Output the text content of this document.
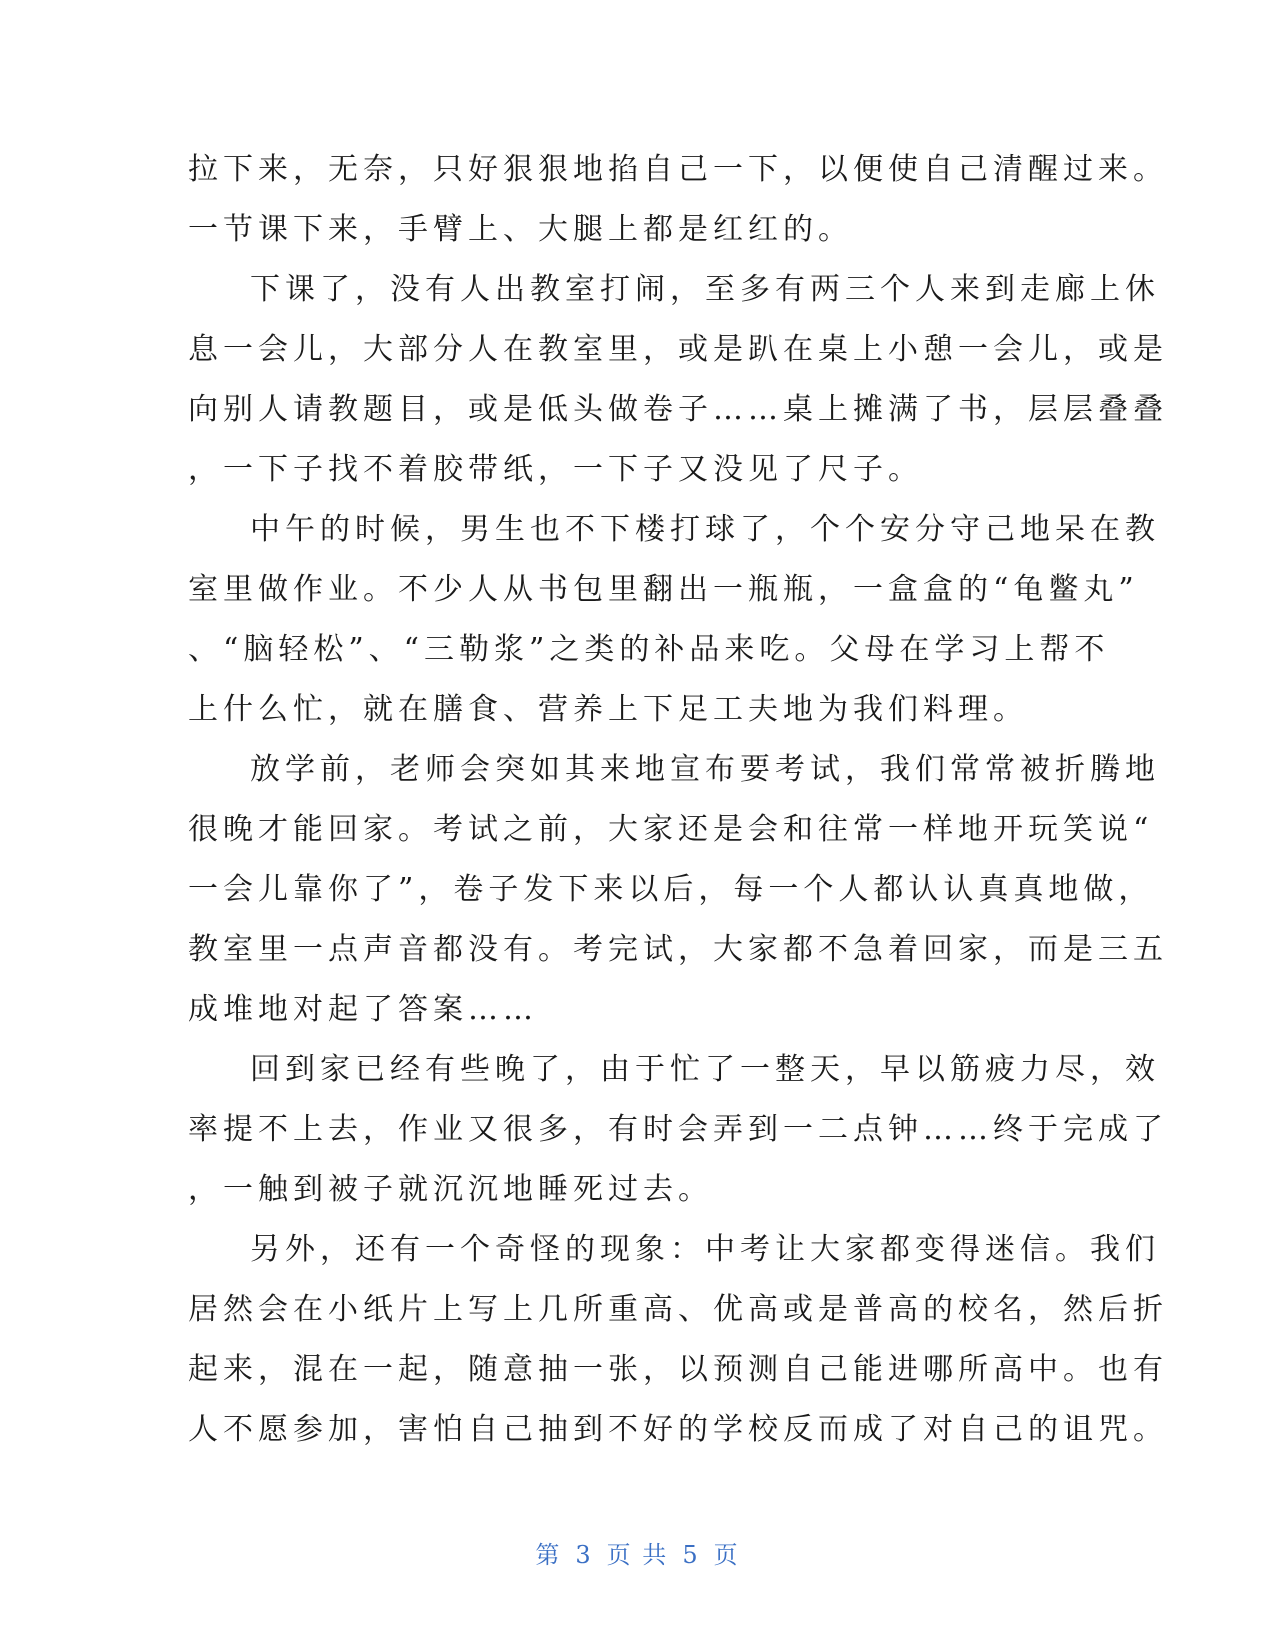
拉下来，无奈，只好狠狠地掐自己一下，以便使自己清醒过来。
一节课下来，手臂上、大腿上都是红红的。
下课了，没有人出教室打闹，至多有两三个人来到走廊上休
息一会儿，大部分人在教室里，或是趴在桌上小憩一会儿，或是
向别人请教题目，或是低头做卷子……桌上摊满了书，层层叠叠
，一下子找不着胶带纸，一下子又没见了尺子。
中午的时候，男生也不下楼打球了，个个安分守己地呆在教
室里做作业。不少人从书包里翻出一瓶瓶，一盒盒的“龟鳖丸”
、“脑轻松”、“三勒浆”之类的补品来吃。父母在学习上帮不
上什么忙，就在膳食、营养上下足工夫地为我们料理。
放学前，老师会突如其来地宣布要考试，我们常常被折腾地
很晚才能回家。考试之前，大家还是会和往常一样地开玩笑说“
一会儿靠你了”，卷子发下来以后，每一个人都认认真真地做，
教室里一点声音都没有。考完试，大家都不急着回家，而是三五
成堆地对起了答案……
回到家已经有些晚了，由于忙了一整天，早以筋疲力尽，效
率提不上去，作业又很多，有时会弄到一二点钟……终于完成了
，一触到被子就沉沉地睡死过去。
另外，还有一个奇怪的现象：中考让大家都变得迷信。我们
居然会在小纸片上写上几所重高、优高或是普高的校名，然后折
起来，混在一起，随意抽一张，以预测自己能进哪所高中。也有
人不愿参加，害怕自己抽到不好的学校反而成了对自己的诅咒。
第 3 页 共 5 页
